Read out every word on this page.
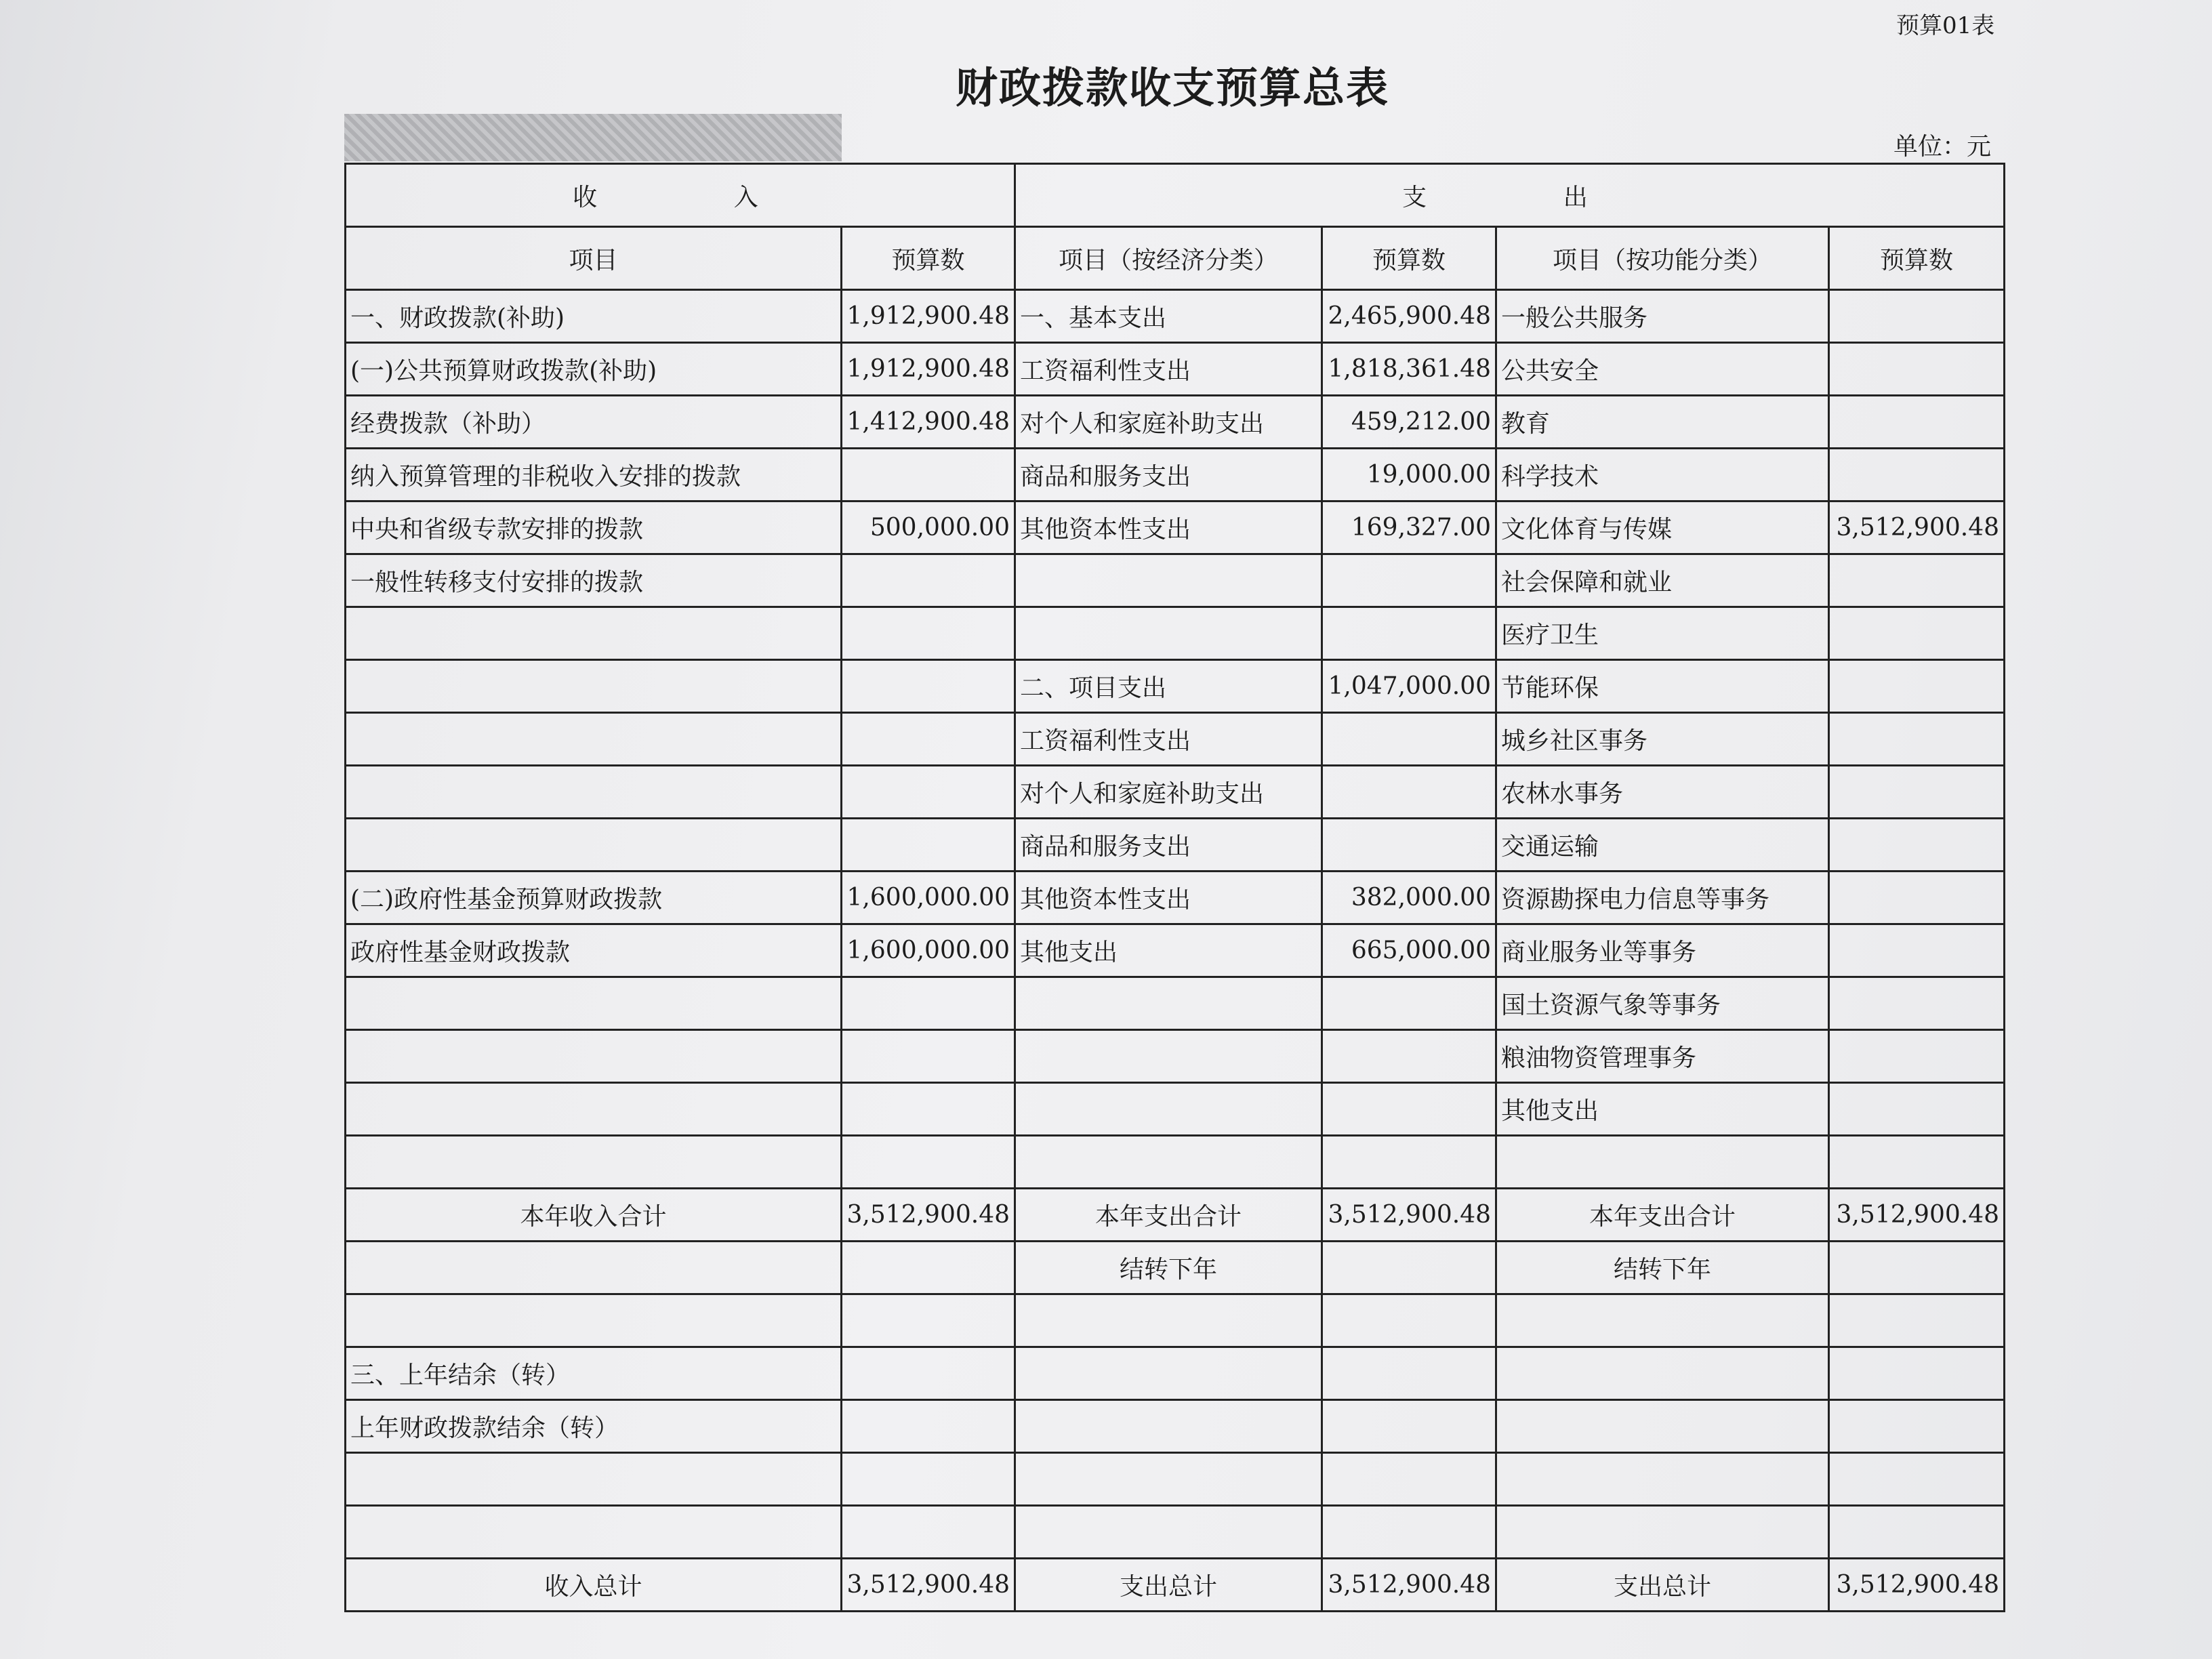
预算01表
财政拨款收支预算总表
单位：元
收　　入		支　　出			
项目	预算数	项目（按经济分类）	预算数	项目（按功能分类）	预算数
一、财政拨款(补助)	1,912,900.48	一、基本支出	2,465,900.48	一般公共服务	
(一)公共预算财政拨款(补助)	1,912,900.48	工资福利性支出	1,818,361.48	公共安全	
经费拨款（补助）	1,412,900.48	对个人和家庭补助支出	459,212.00	教育	
纳入预算管理的非税收入安排的拨款		商品和服务支出	19,000.00	科学技术	
中央和省级专款安排的拨款	500,000.00	其他资本性支出	169,327.00	文化体育与传媒	3,512,900.48
一般性转移支付安排的拨款				社会保障和就业	
				医疗卫生	
		二、项目支出	1,047,000.00	节能环保	
		工资福利性支出		城乡社区事务	
		对个人和家庭补助支出		农林水事务	
		商品和服务支出		交通运输	
(二)政府性基金预算财政拨款	1,600,000.00	其他资本性支出	382,000.00	资源勘探电力信息等事务	
政府性基金财政拨款	1,600,000.00	其他支出	665,000.00	商业服务业等事务	
				国土资源气象等事务	
				粮油物资管理事务	
				其他支出	

本年收入合计	3,512,900.48	本年支出合计	3,512,900.48	本年支出合计	3,512,900.48
		结转下年		结转下年	

三、上年结余（转）					
上年财政拨款结余（转）					

收入总计	3,512,900.48	支出总计	3,512,900.48	支出总计	3,512,900.48
